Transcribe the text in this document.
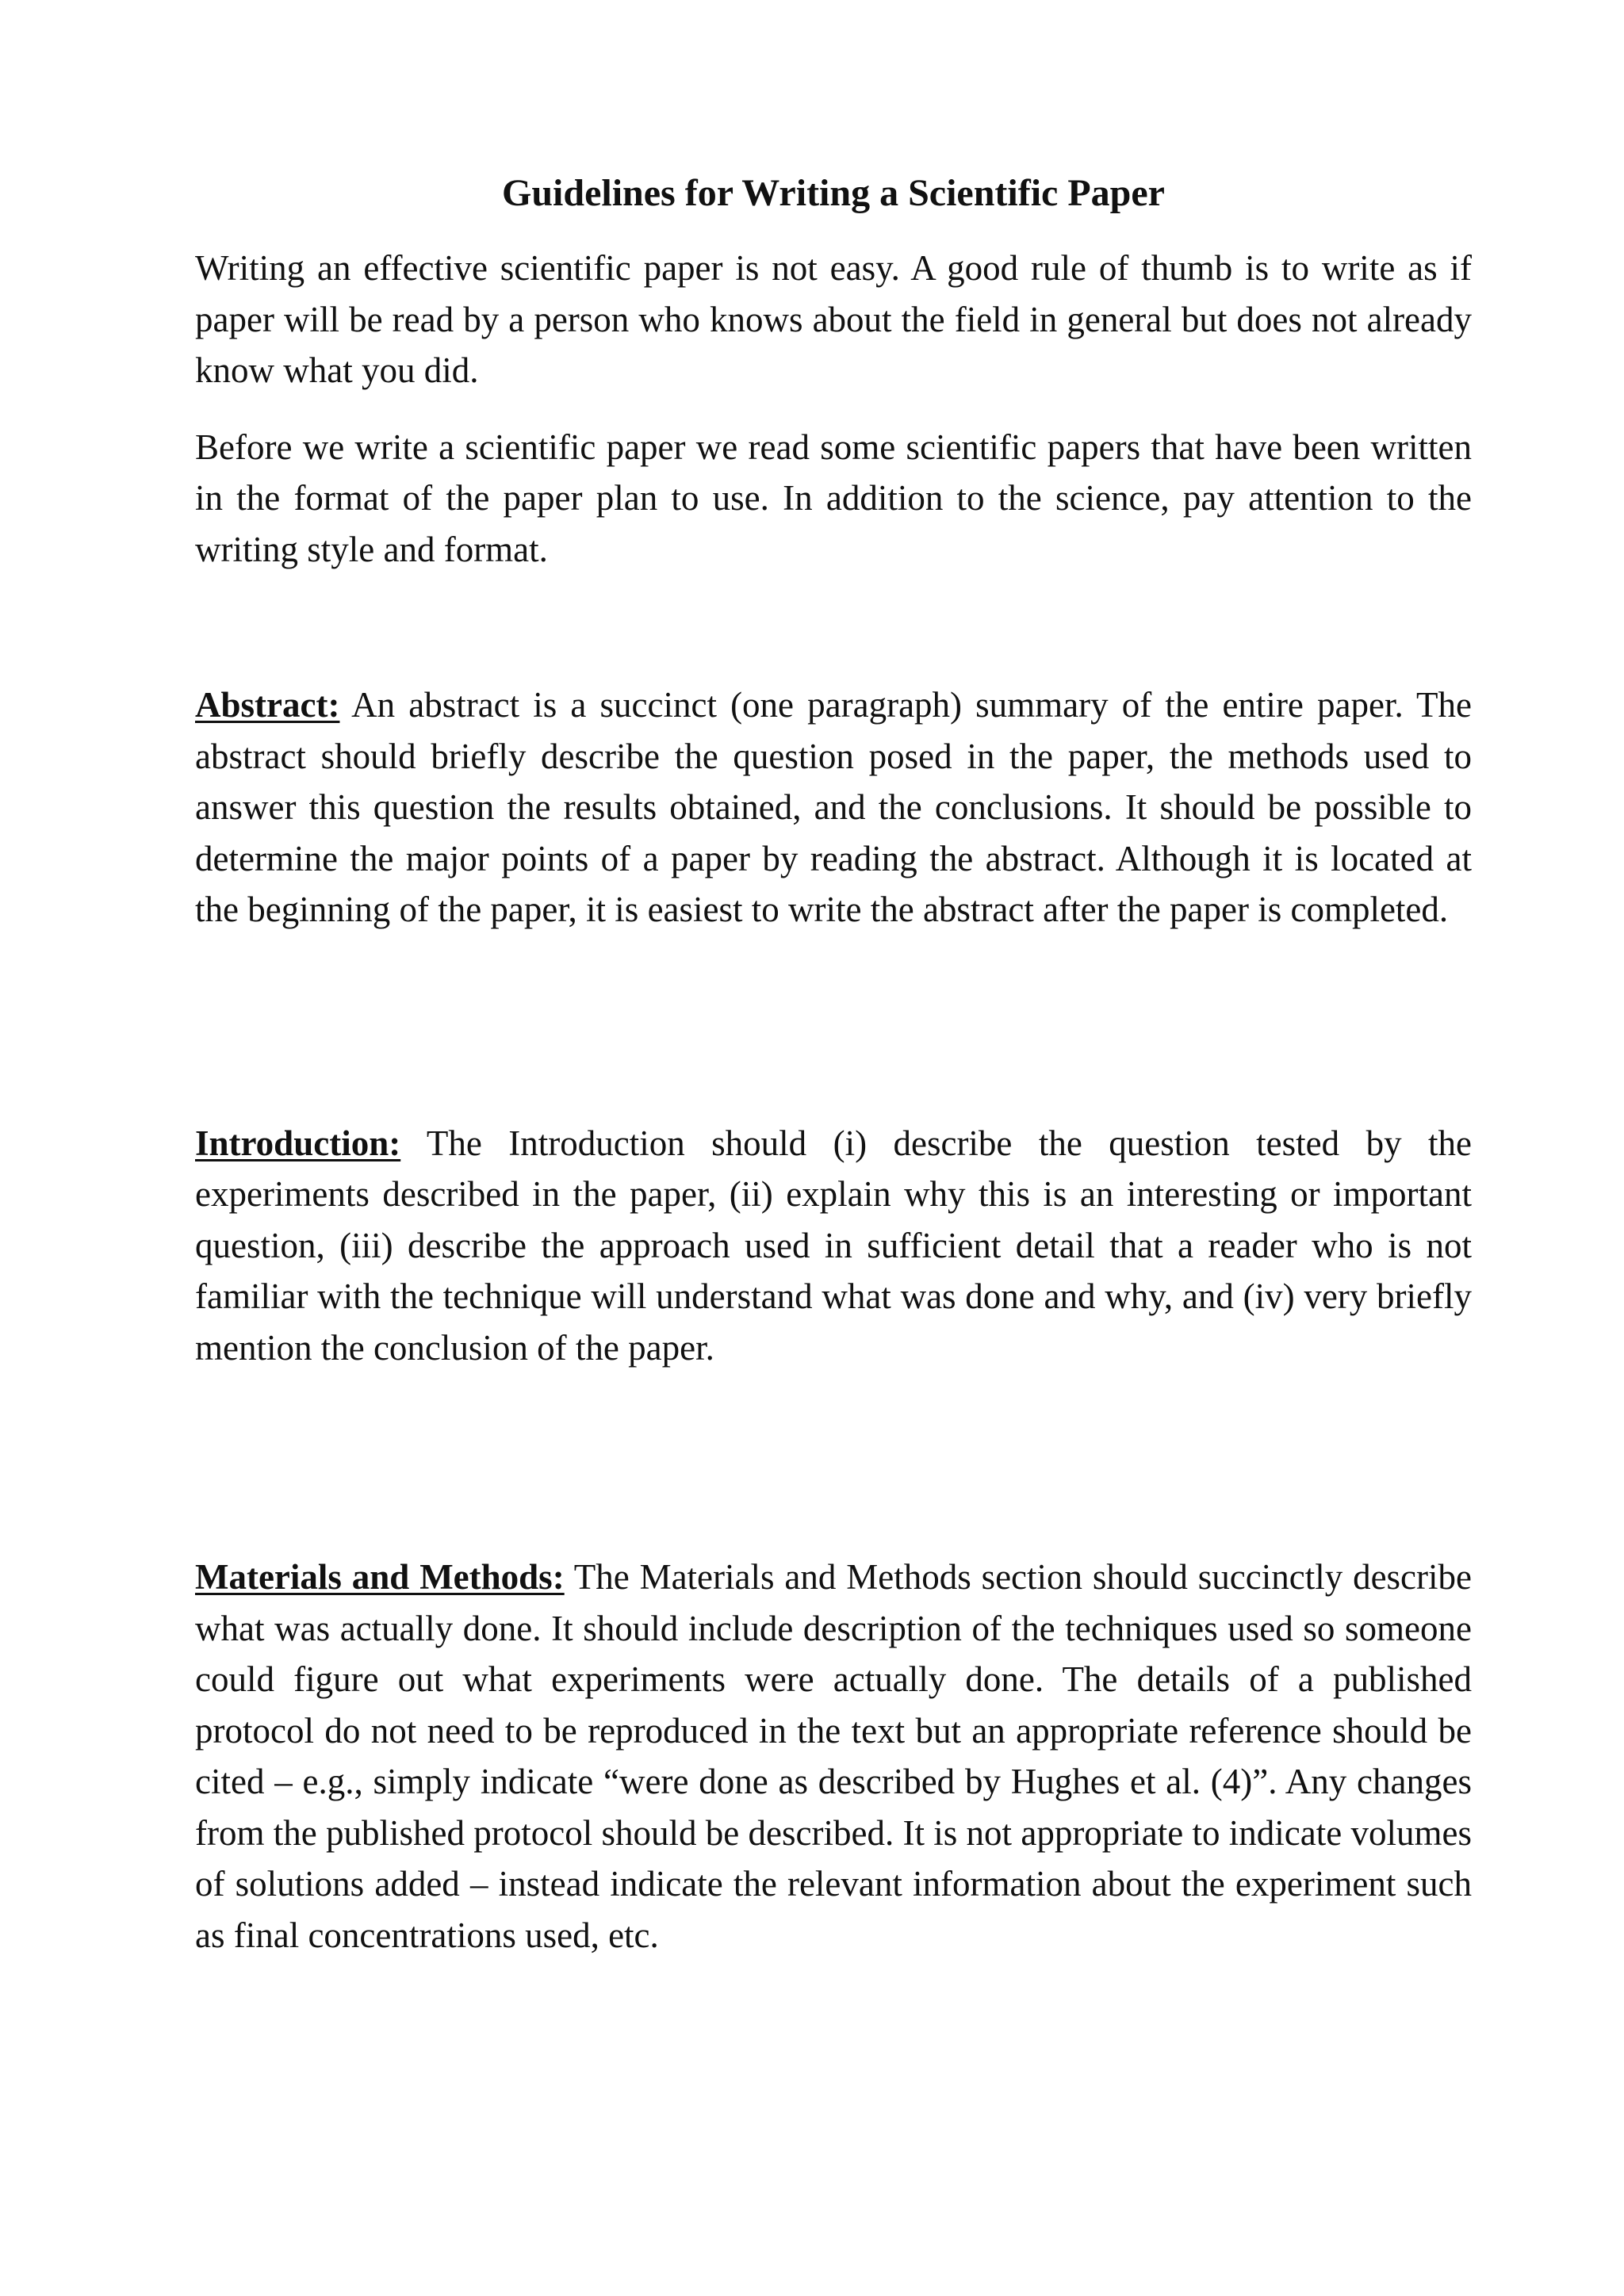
Guidelines for Writing a Scientific Paper

Writing an effective scientific paper is not easy. A good rule of thumb is to write as if paper will be read by a person who knows about the field in general but does not already know what you did.

Before we write a scientific paper we read some scientific papers that have been written in the format of the paper plan to use. In addition to the science, pay attention to the writing style and format.

Abstract: An abstract is a succinct (one paragraph) summary of the entire paper. The abstract should briefly describe the question posed in the paper, the methods used to answer this question the results obtained, and the conclusions. It should be possible to determine the major points of a paper by reading the abstract. Although it is located at the beginning of the paper, it is easiest to write the abstract after the paper is completed.

Introduction: The Introduction should (i) describe the question tested by the experiments described in the paper, (ii) explain why this is an interesting or important question, (iii) describe the approach used in sufficient detail that a reader who is not familiar with the technique will understand what was done and why, and (iv) very briefly mention the conclusion of the paper.

Materials and Methods: The Materials and Methods section should succinctly describe what was actually done. It should include description of the techniques used so someone could figure out what experiments were actually done. The details of a published protocol do not need to be reproduced in the text but an appropriate reference should be cited – e.g., simply indicate “were done as described by Hughes et al. (4)”. Any changes from the published protocol should be described. It is not appropriate to indicate volumes of solutions added – instead indicate the relevant information about the experiment such as final concentrations used, etc.
